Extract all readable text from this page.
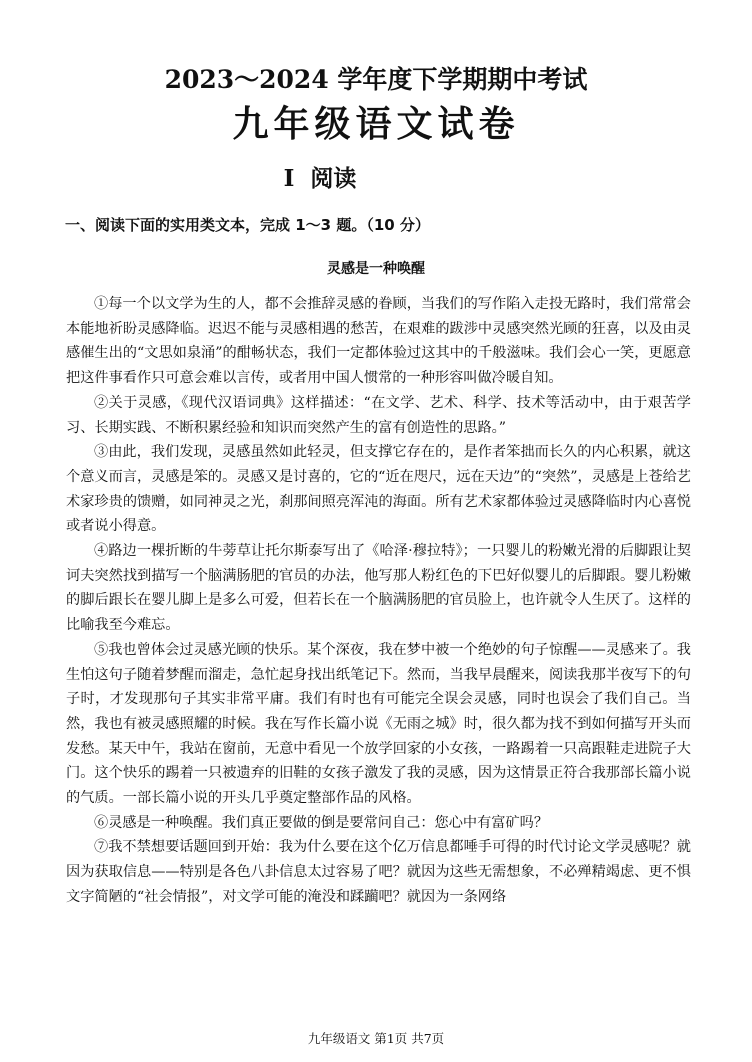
2023～2024 学年度下学期期中考试
九年级语文试卷
I 阅读
一、阅读下面的实用类文本，完成 1～3 题。（10 分）
灵感是一种唤醒

①每一个以文学为生的人，都不会推辞灵感的眷顾，当我们的写作陷入走投无路时，我们常常会本能地祈盼灵感降临。迟迟不能与灵感相遇的愁苦，在艰难的跋涉中灵感突然光顾的狂喜，以及由灵感催生出的“文思如泉涌”的酣畅状态，我们一定都体验过这其中的千般滋味。我们会心一笑，更愿意把这件事看作只可意会难以言传，或者用中国人惯常的一种形容叫做冷暖自知。

②关于灵感，《现代汉语词典》这样描述：“在文学、艺术、科学、技术等活动中，由于艰苦学习、长期实践、不断积累经验和知识而突然产生的富有创造性的思路。”

③由此，我们发现，灵感虽然如此轻灵，但支撑它存在的，是作者笨拙而长久的内心积累，就这个意义而言，灵感是笨的。灵感又是讨喜的，它的“近在咫尺，远在天边”的“突然”，灵感是上苍给艺术家珍贵的馈赠，如同神灵之光，刹那间照亮浑沌的海面。所有艺术家都体验过灵感降临时内心喜悦或者说小得意。

④路边一棵折断的牛蒡草让托尔斯泰写出了《哈泽·穆拉特》；一只婴儿的粉嫩光滑的后脚跟让契诃夫突然找到描写一个脑满肠肥的官员的办法，他写那人粉红色的下巴好似婴儿的后脚跟。婴儿粉嫩的脚后跟长在婴儿脚上是多么可爱，但若长在一个脑满肠肥的官员脸上，也许就令人生厌了。这样的比喻我至今难忘。

⑤我也曾体会过灵感光顾的快乐。某个深夜，我在梦中被一个绝妙的句子惊醒——灵感来了。我生怕这句子随着梦醒而溜走，急忙起身找出纸笔记下。然而，当我早晨醒来，阅读我那半夜写下的句子时，才发现那句子其实非常平庸。我们有时也有可能完全误会灵感，同时也误会了我们自己。当然，我也有被灵感照耀的时候。我在写作长篇小说《无雨之城》时，很久都为找不到如何描写开头而发愁。某天中午，我站在窗前，无意中看见一个放学回家的小女孩，一路踢着一只高跟鞋走进院子大门。这个快乐的踢着一只被遗弃的旧鞋的女孩子激发了我的灵感，因为这情景正符合我那部长篇小说的气质。一部长篇小说的开头几乎奠定整部作品的风格。

⑥灵感是一种唤醒。我们真正要做的倒是要常问自己：您心中有富矿吗？

⑦我不禁想要话题回到开始：我为什么要在这个亿万信息都唾手可得的时代讨论文学灵感呢？就因为获取信息——特别是各色八卦信息太过容易了吧？就因为这些无需想象，不必殚精竭虑、更不惧文字简陋的“社会情报”，对文学可能的淹没和蹂躏吧？就因为一条网络

九年级语文 第1页 共7页
